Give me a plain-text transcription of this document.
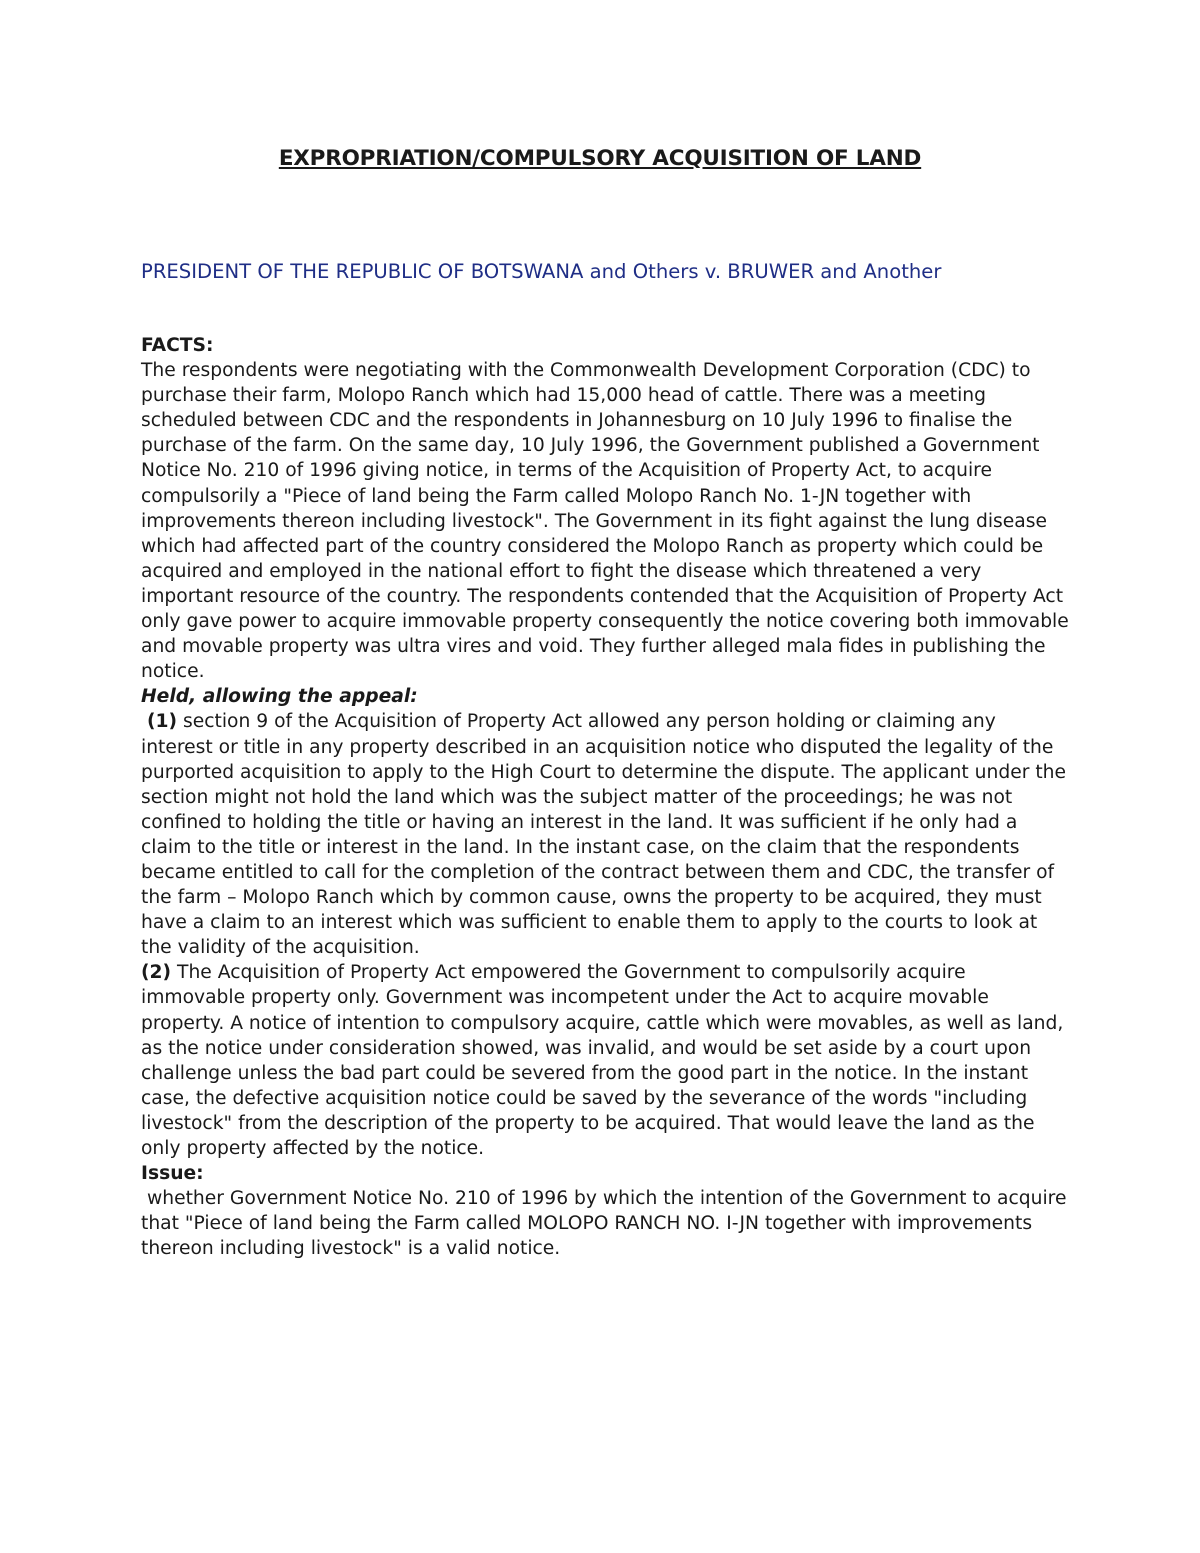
EXPROPRIATION/COMPULSORY ACQUISITION OF LAND
PRESIDENT OF THE REPUBLIC OF BOTSWANA and Others v. BRUWER and Another

FACTS:
The respondents were negotiating with the Commonwealth Development Corporation (CDC) to purchase their farm, Molopo Ranch which had 15,000 head of cattle. There was a meeting scheduled between CDC and the respondents in Johannesburg on 10 July 1996 to finalise the purchase of the farm. On the same day, 10 July 1996, the Government published a Government Notice No. 210 of 1996 giving notice, in terms of the Acquisition of Property Act, to acquire compulsorily a "Piece of land being the Farm called Molopo Ranch No. 1-JN together with improvements thereon including livestock". The Government in its fight against the lung disease which had affected part of the country considered the Molopo Ranch as property which could be acquired and employed in the national effort to fight the disease which threatened a very important resource of the country. The respondents contended that the Acquisition of Property Act only gave power to acquire immovable property consequently the notice covering both immovable and movable property was ultra vires and void. They further alleged mala fides in publishing the notice.

Held, allowing the appeal:

(1) section 9 of the Acquisition of Property Act allowed any person holding or claiming any interest or title in any property described in an acquisition notice who disputed the legality of the purported acquisition to apply to the High Court to determine the dispute. The applicant under the section might not hold the land which was the subject matter of the proceedings; he was not confined to holding the title or having an interest in the land. It was sufficient if he only had a claim to the title or interest in the land. In the instant case, on the claim that the respondents became entitled to call for the completion of the contract between them and CDC, the transfer of the farm – Molopo Ranch which by common cause, owns the property to be acquired, they must have a claim to an interest which was sufficient to enable them to apply to the courts to look at the validity of the acquisition.

(2) The Acquisition of Property Act empowered the Government to compulsorily acquire immovable property only. Government was incompetent under the Act to acquire movable property. A notice of intention to compulsory acquire, cattle which were movables, as well as land, as the notice under consideration showed, was invalid, and would be set aside by a court upon challenge unless the bad part could be severed from the good part in the notice. In the instant case, the defective acquisition notice could be saved by the severance of the words "including livestock" from the description of the property to be acquired. That would leave the land as the only property affected by the notice.

Issue:
whether Government Notice No. 210 of 1996 by which the intention of the Government to acquire that "Piece of land being the Farm called MOLOPO RANCH NO. I-JN together with improvements thereon including livestock" is a valid notice.
